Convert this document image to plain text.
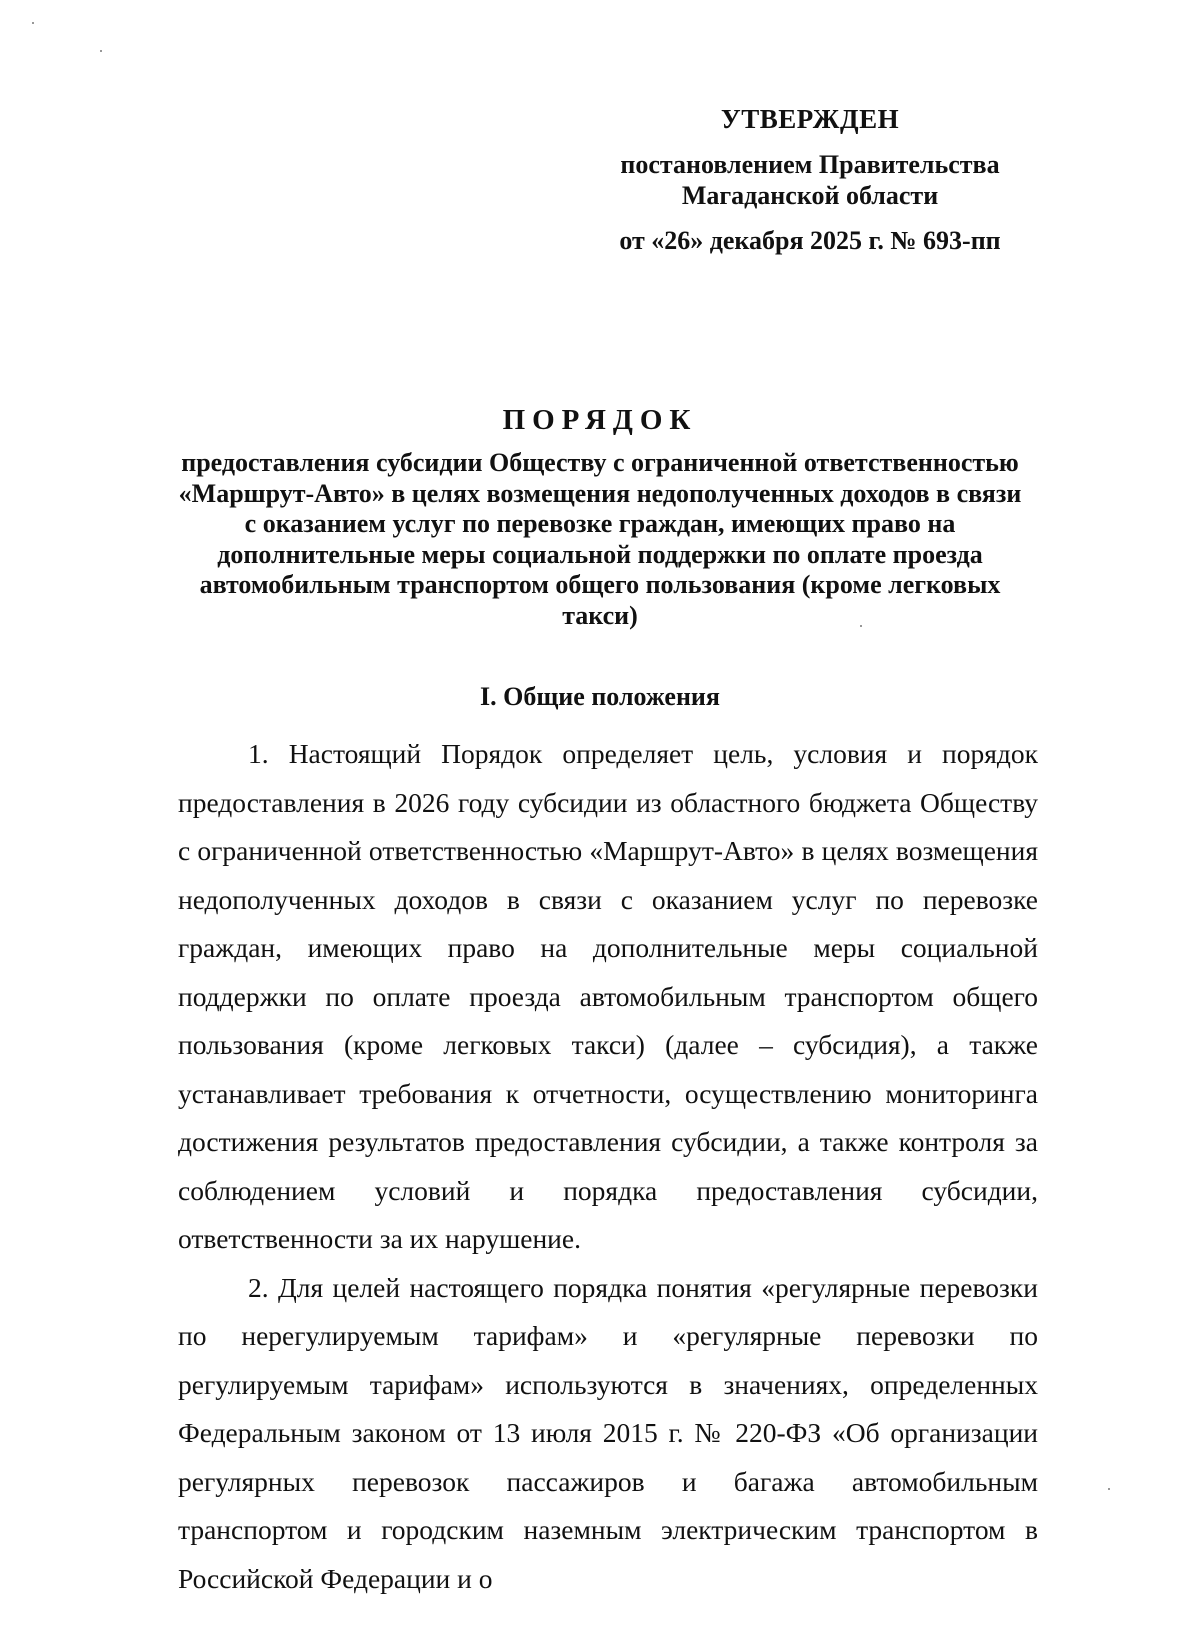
УТВЕРЖДЕН
постановлением Правительства
Магаданской области
от «26» декабря 2025 г. № 693-пп
ПОРЯДОК
предоставления субсидии Обществу с ограниченной ответственностью «Маршрут-Авто» в целях возмещения недополученных доходов в связи с оказанием услуг по перевозке граждан, имеющих право на дополнительные меры социальной поддержки по оплате проезда автомобильным транспортом общего пользования (кроме легковых такси)
I. Общие положения

1. Настоящий Порядок определяет цель, условия и порядок предоставления в 2026 году субсидии из областного бюджета Обществу с ограниченной ответственностью «Маршрут-Авто» в целях возмещения недополученных доходов в связи с оказанием услуг по перевозке граждан, имеющих право на дополнительные меры социальной поддержки по оплате проезда автомобильным транспортом общего пользования (кроме легковых такси) (далее – субсидия), а также устанавливает требования к отчетности, осуществлению мониторинга достижения результатов предоставления субсидии, а также контроля за соблюдением условий и порядка предоставления субсидии, ответственности за их нарушение.

2. Для целей настоящего порядка понятия «регулярные перевозки по нерегулируемым тарифам» и «регулярные перевозки по регулируемым тарифам» используются в значениях, определенных Федеральным законом от 13 июля 2015 г. № 220-ФЗ «Об организации регулярных перевозок пассажиров и багажа автомобильным транспортом и городским наземным электрическим транспортом в Российской Федерации и о
